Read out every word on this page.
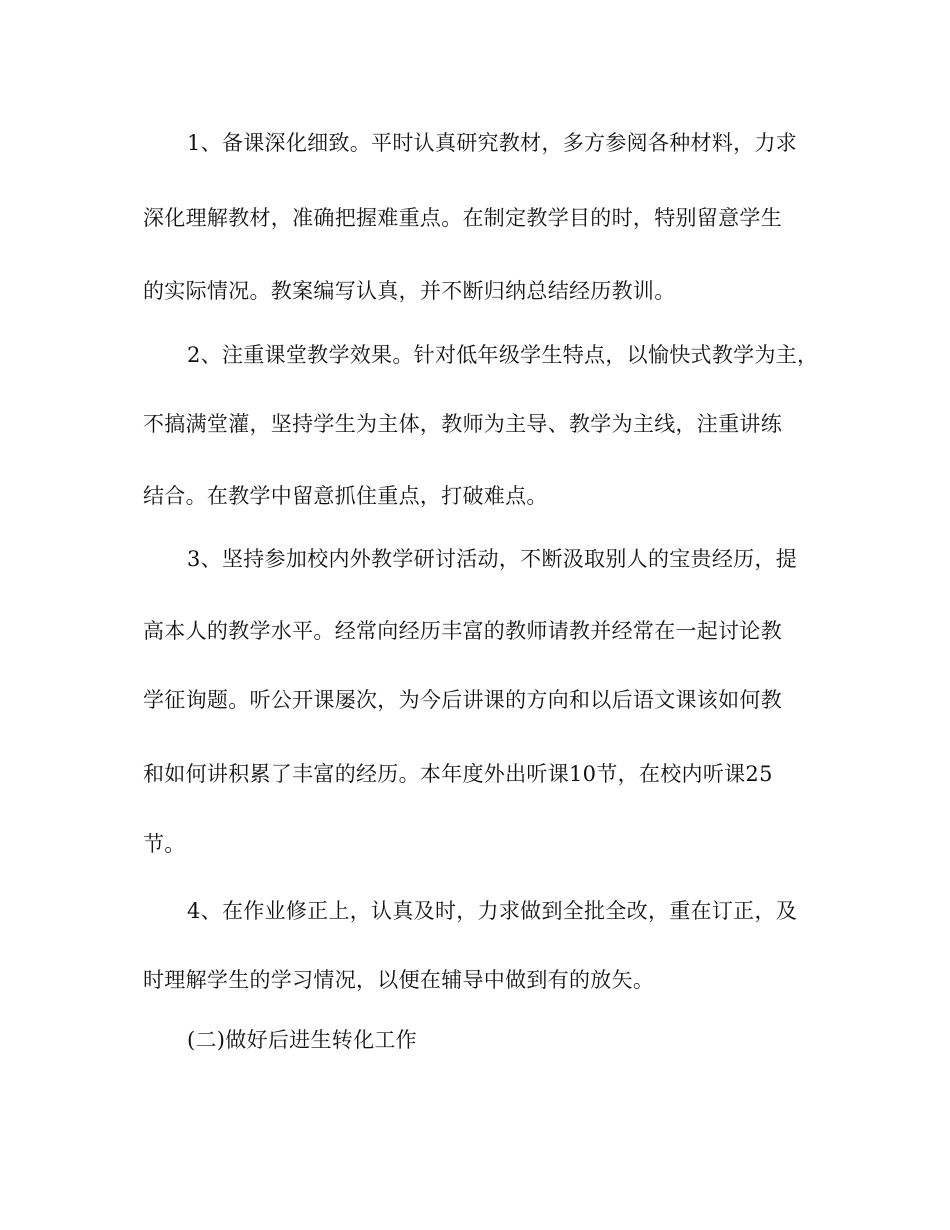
1、备课深化细致。平时认真研究教材，多方参阅各种材料，力求
深化理解教材，准确把握难重点。在制定教学目的时，特别留意学生
的实际情况。教案编写认真，并不断归纳总结经历教训。
2、注重课堂教学效果。针对低年级学生特点，以愉快式教学为主，
不搞满堂灌，坚持学生为主体，教师为主导、教学为主线，注重讲练
结合。在教学中留意抓住重点，打破难点。
3、坚持参加校内外教学研讨活动，不断汲取别人的宝贵经历，提
高本人的教学水平。经常向经历丰富的教师请教并经常在一起讨论教
学征询题。听公开课屡次，为今后讲课的方向和以后语文课该如何教
和如何讲积累了丰富的经历。本年度外出听课10节，在校内听课25
节。
4、在作业修正上，认真及时，力求做到全批全改，重在订正，及
时理解学生的学习情况，以便在辅导中做到有的放矢。
(二)做好后进生转化工作
